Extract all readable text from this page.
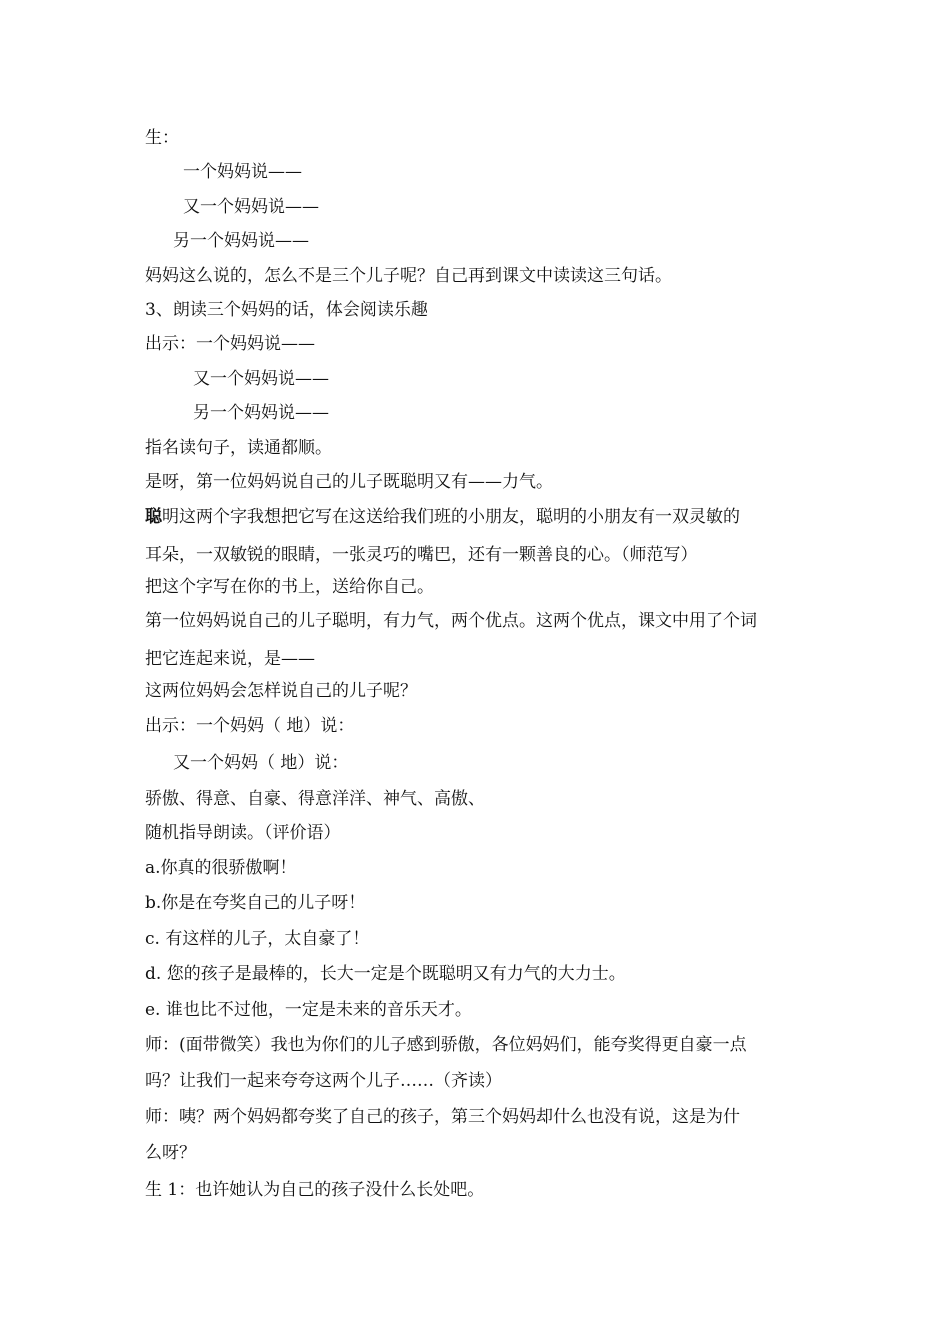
生：
一个妈妈说——
又一个妈妈说——
另一个妈妈说——
妈妈这么说的，怎么不是三个儿子呢？自己再到课文中读读这三句话。
3、朗读三个妈妈的话，体会阅读乐趣
出示：一个妈妈说——
又一个妈妈说——
另一个妈妈说——
指名读句子，读通都顺。
是呀，第一位妈妈说自己的儿子既聪明又有——力气。
聪明这两个字我想把它写在这送给我们班的小朋友，聪明的小朋友有一双灵敏的
耳朵，一双敏锐的眼睛，一张灵巧的嘴巴，还有一颗善良的心。（师范写）
把这个字写在你的书上，送给你自己。
第一位妈妈说自己的儿子聪明，有力气，两个优点。这两个优点，课文中用了个词
把它连起来说，是——
这两位妈妈会怎样说自己的儿子呢？
出示：一个妈妈（ 地）说：
又一个妈妈（ 地）说：
骄傲、得意、自豪、得意洋洋、神气、高傲、
随机指导朗读。（评价语）
a.你真的很骄傲啊！
b.你是在夸奖自己的儿子呀！
c. 有这样的儿子，太自豪了！
d. 您的孩子是最棒的，长大一定是个既聪明又有力气的大力士。
e. 谁也比不过他，一定是未来的音乐天才。
师：(面带微笑）我也为你们的儿子感到骄傲，各位妈妈们，能夸奖得更自豪一点
吗？让我们一起来夸夸这两个儿子……（齐读）
师：咦？两个妈妈都夸奖了自己的孩子，第三个妈妈却什么也没有说，这是为什
么呀？
生 1：也许她认为自己的孩子没什么长处吧。
